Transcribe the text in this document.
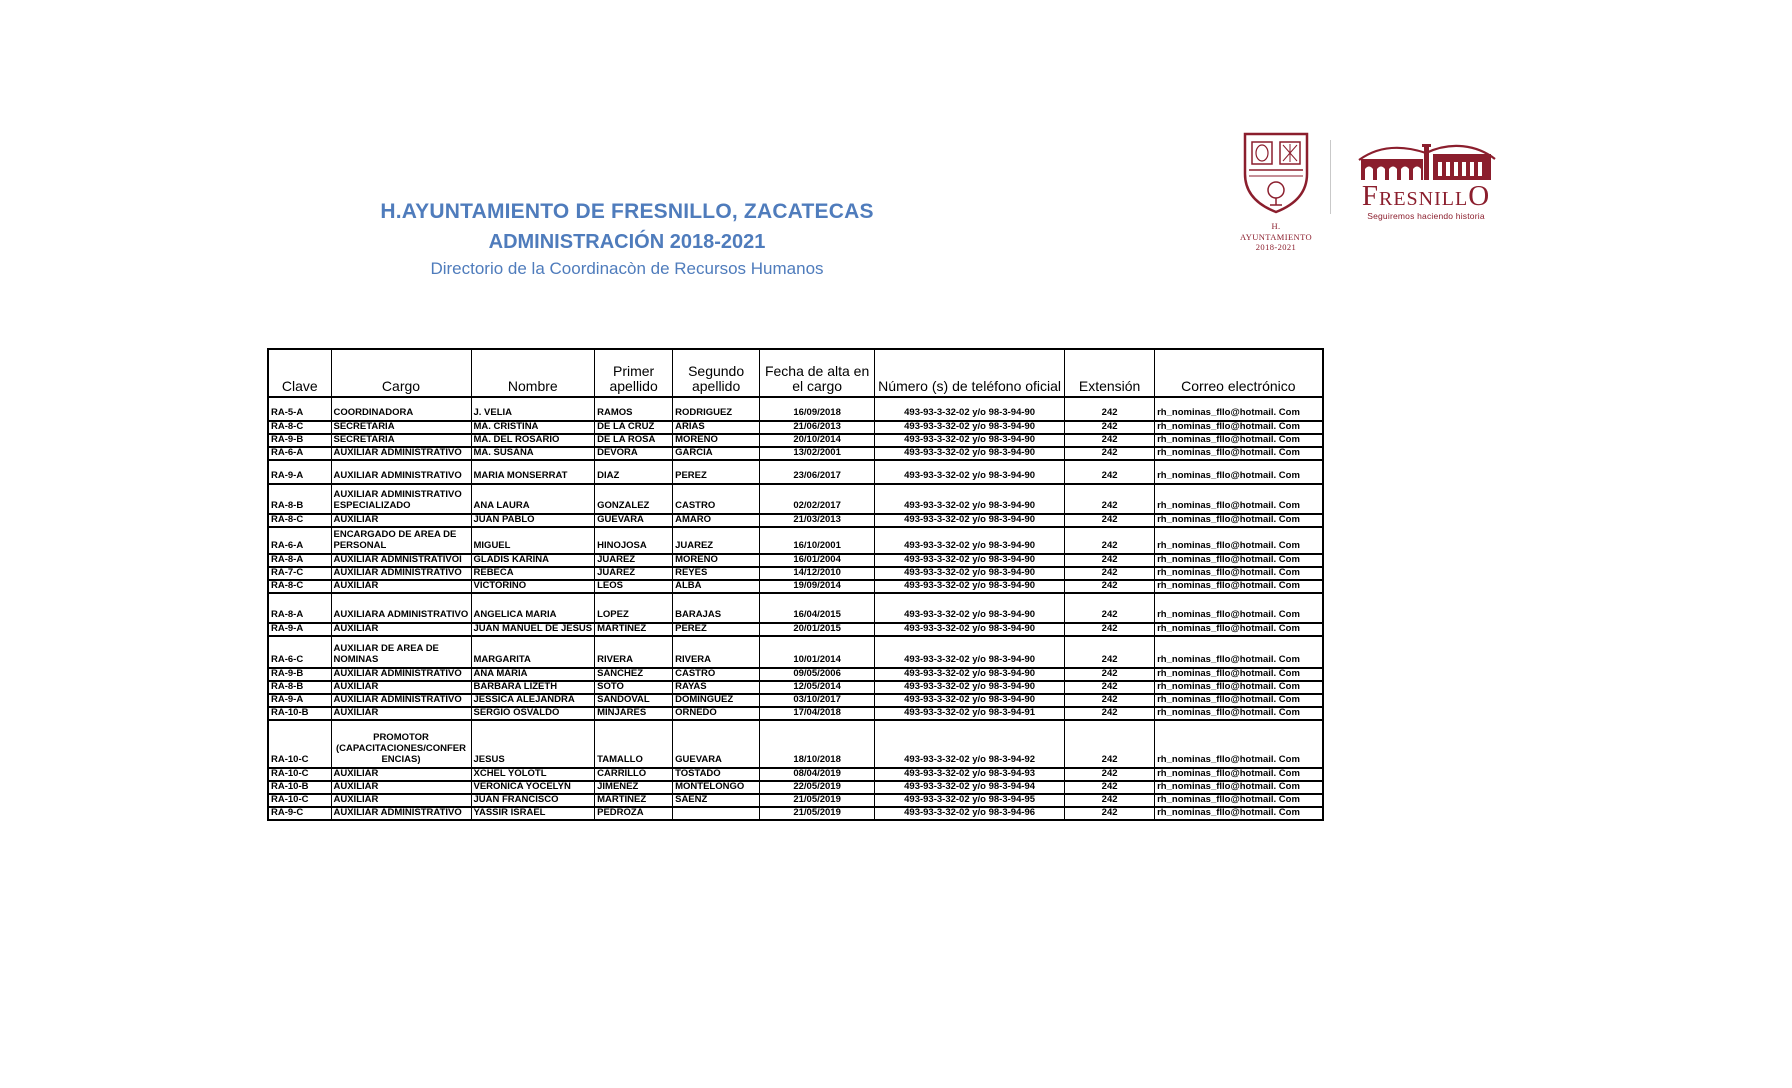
H.AYUNTAMIENTO DE FRESNILLO, ZACATECAS
ADMINISTRACIÓN 2018-2021
Directorio de la Coordinacòn de Recursos Humanos
H. AYUNTAMIENTO
2018-2021
FRESNILLO
Seguiremos haciendo historia
Clave	Cargo	Nombre	Primer apellido	Segundo apellido	Fecha de alta en el cargo	Número (s) de teléfono oficial	Extensión	Correo electrónico
RA-5-A	COORDINADORA	J. VELIA	RAMOS	RODRIGUEZ	16/09/2018	493-93-3-32-02 y/o 98-3-94-90	242	rh_nominas_fllo@hotmail. Com
RA-8-C	SECRETARIA	MA. CRISTINA	DE LA CRUZ	ARIAS	21/06/2013	493-93-3-32-02 y/o 98-3-94-90	242	rh_nominas_fllo@hotmail. Com
RA-9-B	SECRETARIA	MA. DEL ROSARIO	DE LA ROSA	MORENO	20/10/2014	493-93-3-32-02 y/o 98-3-94-90	242	rh_nominas_fllo@hotmail. Com
RA-6-A	AUXILIAR ADMINISTRATIVO	MA. SUSANA	DEVORA	GARCIA	13/02/2001	493-93-3-32-02 y/o 98-3-94-90	242	rh_nominas_fllo@hotmail. Com
RA-9-A	AUXILIAR ADMINISTRATIVO	MARIA MONSERRAT	DIAZ	PEREZ	23/06/2017	493-93-3-32-02 y/o 98-3-94-90	242	rh_nominas_fllo@hotmail. Com
RA-8-B	AUXILIAR ADMINISTRATIVO ESPECIALIZADO	ANA LAURA	GONZALEZ	CASTRO	02/02/2017	493-93-3-32-02 y/o 98-3-94-90	242	rh_nominas_fllo@hotmail. Com
RA-8-C	AUXILIAR	JUAN PABLO	GUEVARA	AMARO	21/03/2013	493-93-3-32-02 y/o 98-3-94-90	242	rh_nominas_fllo@hotmail. Com
RA-6-A	ENCARGADO DE AREA DE PERSONAL	MIGUEL	HINOJOSA	JUAREZ	16/10/2001	493-93-3-32-02 y/o 98-3-94-90	242	rh_nominas_fllo@hotmail. Com
RA-8-A	AUXILIAR ADMNISTRATIVOI	GLADIS KARINA	JUAREZ	MORENO	16/01/2004	493-93-3-32-02 y/o 98-3-94-90	242	rh_nominas_fllo@hotmail. Com
RA-7-C	AUXILIAR ADMINISTRATIVO	REBECA	JUAREZ	REYES	14/12/2010	493-93-3-32-02 y/o 98-3-94-90	242	rh_nominas_fllo@hotmail. Com
RA-8-C	AUXILIAR	VICTORINO	LEOS	ALBA	19/09/2014	493-93-3-32-02 y/o 98-3-94-90	242	rh_nominas_fllo@hotmail. Com
RA-8-A	AUXILIARA ADMINISTRATIVO	ANGELICA MARIA	LOPEZ	BARAJAS	16/04/2015	493-93-3-32-02 y/o 98-3-94-90	242	rh_nominas_fllo@hotmail. Com
RA-9-A	AUXILIAR	JUAN MANUEL DE JESUS	MARTINEZ	PEREZ	20/01/2015	493-93-3-32-02 y/o 98-3-94-90	242	rh_nominas_fllo@hotmail. Com
RA-6-C	AUXILIAR DE AREA DE NOMINAS	MARGARITA	RIVERA	RIVERA	10/01/2014	493-93-3-32-02 y/o 98-3-94-90	242	rh_nominas_fllo@hotmail. Com
RA-9-B	AUXILIAR ADMINISTRATIVO	ANA MARIA	SANCHEZ	CASTRO	09/05/2006	493-93-3-32-02 y/o 98-3-94-90	242	rh_nominas_fllo@hotmail. Com
RA-8-B	AUXILIAR	BARBARA LIZETH	SOTO	RAYAS	12/05/2014	493-93-3-32-02 y/o 98-3-94-90	242	rh_nominas_fllo@hotmail. Com
RA-9-A	AUXILIAR ADMINISTRATIVO	JESSICA ALEJANDRA	SANDOVAL	DOMINGUEZ	03/10/2017	493-93-3-32-02 y/o 98-3-94-90	242	rh_nominas_fllo@hotmail. Com
RA-10-B	AUXILIAR	SERGIO OSVALDO	MINJARES	ORNEDO	17/04/2018	493-93-3-32-02 y/o 98-3-94-91	242	rh_nominas_fllo@hotmail. Com
RA-10-C	PROMOTOR (CAPACITACIONES/CONFERENCIAS)	JESUS	TAMALLO	GUEVARA	18/10/2018	493-93-3-32-02 y/o 98-3-94-92	242	rh_nominas_fllo@hotmail. Com
RA-10-C	AUXILIAR	XCHEL YOLOTL	CARRILLO	TOSTADO	08/04/2019	493-93-3-32-02 y/o 98-3-94-93	242	rh_nominas_fllo@hotmail. Com
RA-10-B	AUXILIAR	VERONICA YOCELYN	JIMENEZ	MONTELONGO	22/05/2019	493-93-3-32-02 y/o 98-3-94-94	242	rh_nominas_fllo@hotmail. Com
RA-10-C	AUXILIAR	JUAN FRANCISCO	MARTINEZ	SAENZ	21/05/2019	493-93-3-32-02 y/o 98-3-94-95	242	rh_nominas_fllo@hotmail. Com
RA-9-C	AUXILIAR ADMINISTRATIVO	YASSIR ISRAEL	PEDROZA		21/05/2019	493-93-3-32-02 y/o 98-3-94-96	242	rh_nominas_fllo@hotmail. Com
